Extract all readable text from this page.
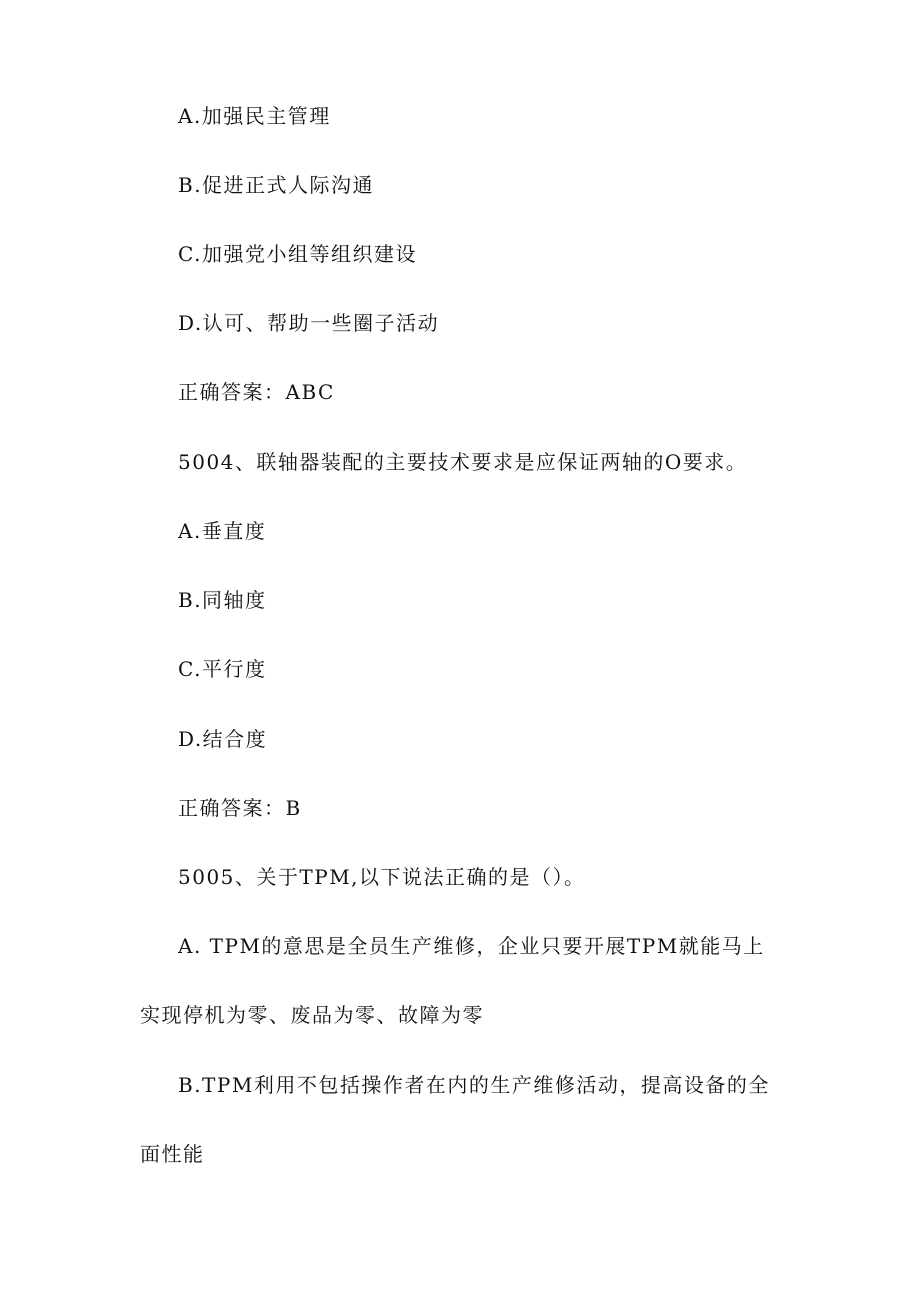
A.加强民主管理
B.促进正式人际沟通
C.加强党小组等组织建设
D.认可、帮助一些圈子活动
正确答案：ABC
5004、联轴器装配的主要技术要求是应保证两轴的O要求。
A.垂直度
B.同轴度
C.平行度
D.结合度
正确答案：B
5005、关于TPM,以下说法正确的是（）。
A. TPM的意思是全员生产维修，企业只要开展TPM就能马上实现停机为零、废品为零、故障为零
B.TPM利用不包括操作者在内的生产维修活动，提高设备的全面性能
